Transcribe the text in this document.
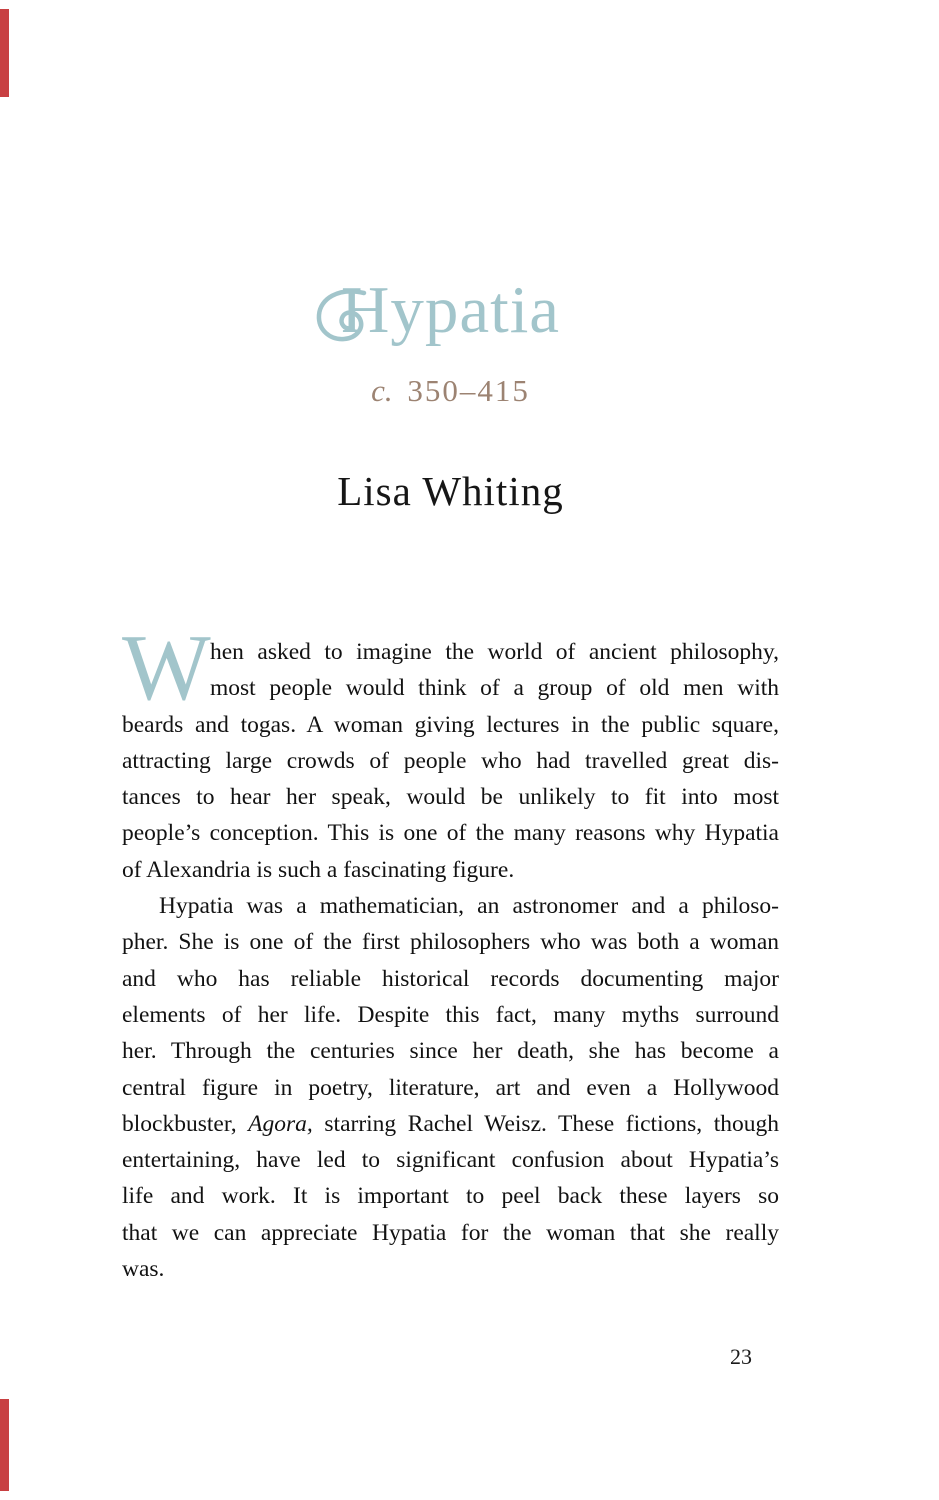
Hypatia
c. 350–415
Lisa Whiting
W hen asked to imagine the world of ancient philosophy,
most people would think of a group of old men with
beards and togas. A woman giving lectures in the public square,
attracting large crowds of people who had travelled great dis-
tances to hear her speak, would be unlikely to fit into most
people’s conception. This is one of the many reasons why Hypatia
of Alexandria is such a fascinating figure.
Hypatia was a mathematician, an astronomer and a philoso-
pher. She is one of the first philosophers who was both a woman
and who has reliable historical records documenting major
elements of her life. Despite this fact, many myths surround
her. Through the centuries since her death, she has become a
central figure in poetry, literature, art and even a Hollywood
blockbuster, Agora, starring Rachel Weisz. These fictions, though
entertaining, have led to significant confusion about Hypatia’s
life and work. It is important to peel back these layers so
that we can appreciate Hypatia for the woman that she really
was.
23
